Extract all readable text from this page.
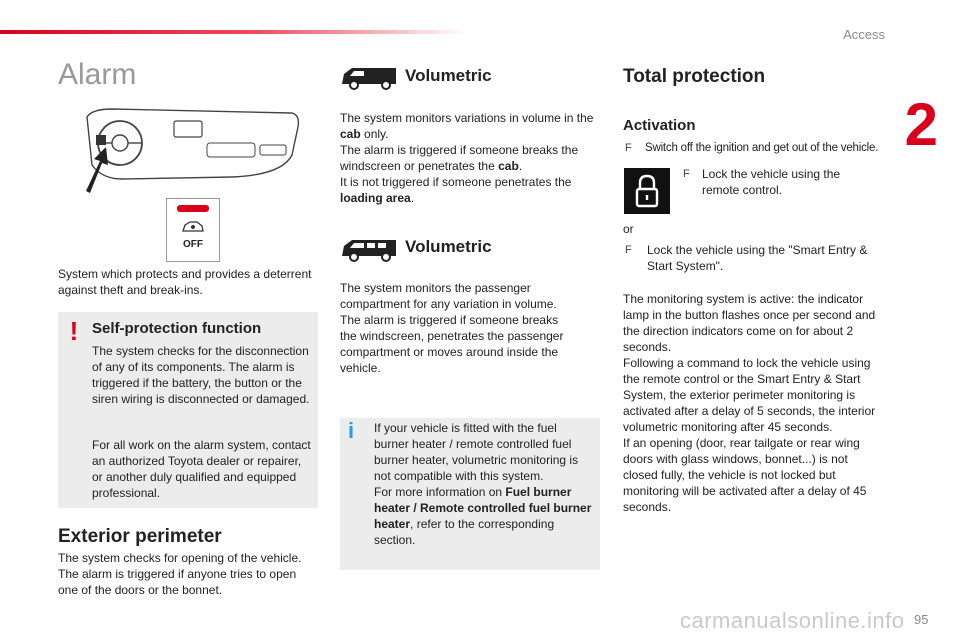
Access
2
Alarm
OFF

System which protects and provides a deterrent against theft and break-ins.

! Self-protection function

The system checks for the disconnection of any of its components. The alarm is triggered if the battery, the button or the siren wiring is disconnected or damaged.

For all work on the alarm system, contact an authorized Toyota dealer or repairer, or another duly qualified and equipped professional.

Exterior perimeter

The system checks for opening of the vehicle. The alarm is triggered if anyone tries to open one of the doors or the bonnet.

Volumetric

The system monitors variations in volume in the cab only.
The alarm is triggered if someone breaks the windscreen or penetrates the cab.
It is not triggered if someone penetrates the loading area.

Volumetric

The system monitors the passenger compartment for any variation in volume. The alarm is triggered if someone breaks the windscreen, penetrates the passenger compartment or moves around inside the vehicle.

i If your vehicle is fitted with the fuel burner heater / remote controlled fuel burner heater, volumetric monitoring is not compatible with this system.
For more information on Fuel burner heater / Remote controlled fuel burner heater, refer to the corresponding section.

Total protection
Activation
F Switch off the ignition and get out of the vehicle.

F Lock the vehicle using the remote control.

or

F Lock the vehicle using the "Smart Entry & Start System".

The monitoring system is active: the indicator lamp in the button flashes once per second and the direction indicators come on for about 2 seconds.

Following a command to lock the vehicle using the remote control or the Smart Entry & Start System, the exterior perimeter monitoring is activated after a delay of 5 seconds, the interior volumetric monitoring after 45 seconds.

If an opening (door, rear tailgate or rear wing doors with glass windows, bonnet...) is not closed fully, the vehicle is not locked but monitoring will be activated after a delay of 45 seconds.

carmanualsonline.info 95
